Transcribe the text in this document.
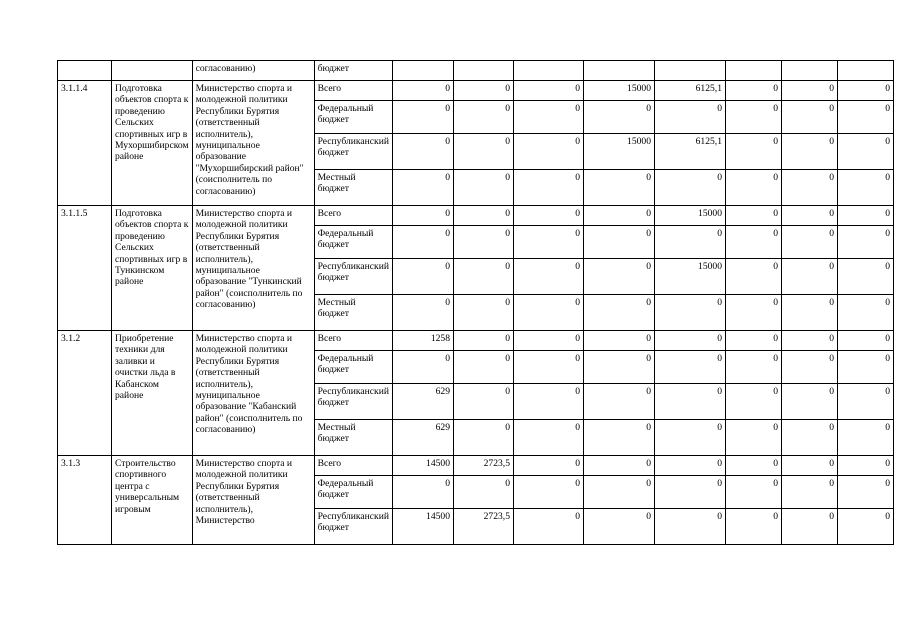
		согласованию)	бюджет								
3.1.1.4	Подготовка объектов спорта к проведению Сельских спортивных игр в Мухоршибирском районе	Министерство спорта и молодежной политики Республики Бурятия (ответственный исполнитель), муниципальное образование "Мухоршибирский район" (соисполнитель по согласованию)	Всего	0	0	0	15000	6125,1	0	0	0
			Федеральный бюджет	0	0	0	0	0	0	0	0
			Республиканский бюджет	0	0	0	15000	6125,1	0	0	0
			Местный бюджет	0	0	0	0	0	0	0	0
3.1.1.5	Подготовка объектов спорта к проведению Сельских спортивных игр в Тункинском районе	Министерство спорта и молодежной политики Республики Бурятия (ответственный исполнитель), муниципальное образование "Тункинский район" (соисполнитель по согласованию)	Всего	0	0	0	0	15000	0	0	0
			Федеральный бюджет	0	0	0	0	0	0	0	0
			Республиканский бюджет	0	0	0	0	15000	0	0	0
			Местный бюджет	0	0	0	0	0	0	0	0
3.1.2	Приобретение техники для заливки и очистки льда в Кабанском районе	Министерство спорта и молодежной политики Республики Бурятия (ответственный исполнитель), муниципальное образование "Кабанский район" (соисполнитель по согласованию)	Всего	1258	0	0	0	0	0	0	0
			Федеральный бюджет	0	0	0	0	0	0	0	0
			Республиканский бюджет	629	0	0	0	0	0	0	0
			Местный бюджет	629	0	0	0	0	0	0	0
3.1.3	Строительство спортивного центра с универсальным игровым	Министерство спорта и молодежной политики Республики Бурятия (ответственный исполнитель), Министерство	Всего	14500	2723,5	0	0	0	0	0	0
			Федеральный бюджет	0	0	0	0	0	0	0	0
			Республиканский бюджет	14500	2723,5	0	0	0	0	0	0
